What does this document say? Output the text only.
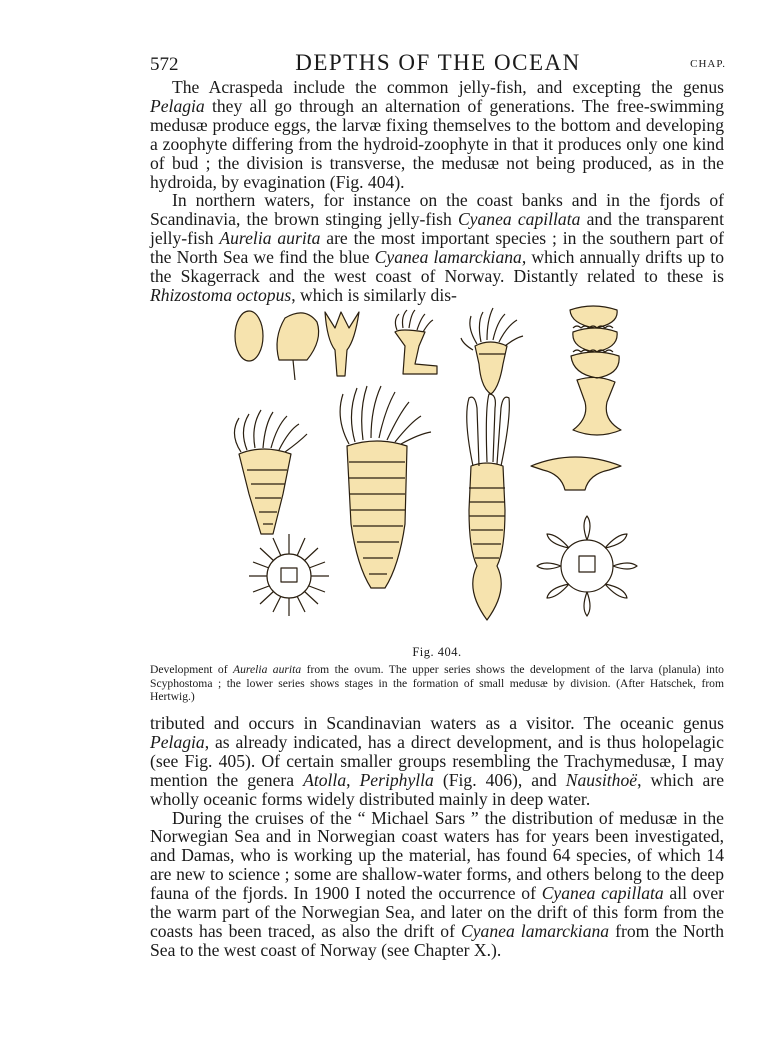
572	DEPTHS OF THE OCEAN	CHAP.

The Acraspeda include the common jelly-fish, and excepting the genus Pelagia they all go through an alternation of generations. The free-swimming medusæ produce eggs, the larvæ fixing themselves to the bottom and developing a zoophyte differing from the hydroid-zoophyte in that it produces only one kind of bud ; the division is transverse, the medusæ not being produced, as in the hydroida, by evagination (Fig. 404).

In northern waters, for instance on the coast banks and in the fjords of Scandinavia, the brown stinging jelly-fish Cyanea capillata and the transparent jelly-fish Aurelia aurita are the most important species ; in the southern part of the North Sea we find the blue Cyanea lamarckiana, which annually drifts up to the Skagerrack and the west coast of Norway. Distantly related to these is Rhizostoma octopus, which is similarly dis-

Fig. 404.
Development of Aurelia aurita from the ovum. The upper series shows the development of the larva (planula) into Scyphostoma ; the lower series shows stages in the formation of small medusæ by division. (After Hatschek, from Hertwig.)

tributed and occurs in Scandinavian waters as a visitor. The oceanic genus Pelagia, as already indicated, has a direct development, and is thus holopelagic (see Fig. 405). Of certain smaller groups resembling the Trachymedusæ, I may mention the genera Atolla, Periphylla (Fig. 406), and Nausithoë, which are wholly oceanic forms widely distributed mainly in deep water.

During the cruises of the “ Michael Sars ” the distribution of medusæ in the Norwegian Sea and in Norwegian coast waters has for years been investigated, and Damas, who is working up the material, has found 64 species, of which 14 are new to science ; some are shallow-water forms, and others belong to the deep fauna of the fjords. In 1900 I noted the occurrence of Cyanea capillata all over the warm part of the Norwegian Sea, and later on the drift of this form from the coasts has been traced, as also the drift of Cyanea lamarckiana from the North Sea to the west coast of Norway (see Chapter X.).
